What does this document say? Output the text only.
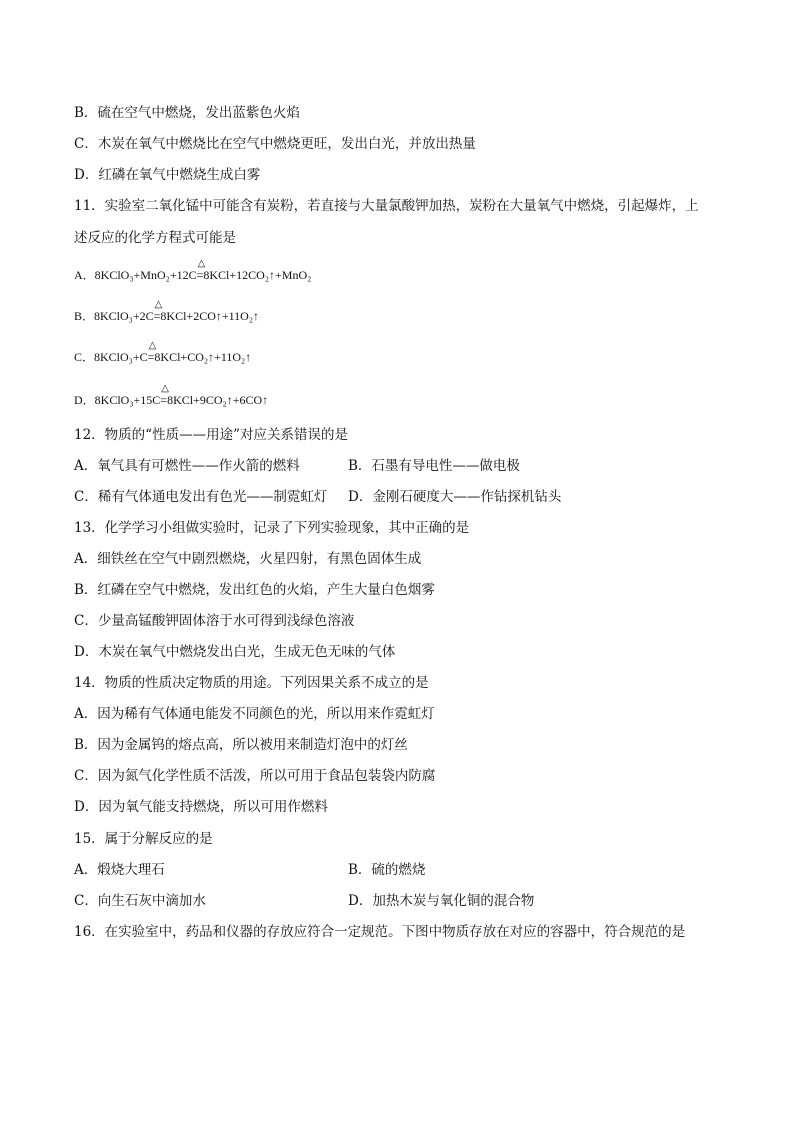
B．硫在空气中燃烧，发出蓝紫色火焰
C．木炭在氧气中燃烧比在空气中燃烧更旺，发出白光，并放出热量
D．红磷在氧气中燃烧生成白雾
11．实验室二氧化锰中可能含有炭粉，若直接与大量氯酸钾加热，炭粉在大量氧气中燃烧，引起爆炸，上
述反应的化学方程式可能是
A．8KClO₃+MnO₂+12C
△
=8KCl+12CO₂↑+MnO₂
B．8KClO₃+2C
△
=8KCl+2CO↑+11O₂↑
C．8KClO₃+C
△
=8KCl+CO₂↑+11O₂↑
D．8KClO₃+15C
△
=8KCl+9CO₂↑+6CO↑
12．物质的“性质——用途”对应关系错误的是
A．氧气具有可燃性——作火箭的燃料	B．石墨有导电性——做电极
C．稀有气体通电发出有色光——制霓虹灯 D．金刚石硬度大——作钻探机钻头
13．化学学习小组做实验时，记录了下列实验现象，其中正确的是
A．细铁丝在空气中剧烈燃烧，火星四射，有黑色固体生成
B．红磷在空气中燃烧，发出红色的火焰，产生大量白色烟雾
C．少量高锰酸钾固体溶于水可得到浅绿色溶液
D．木炭在氧气中燃烧发出白光，生成无色无味的气体
14．物质的性质决定物质的用途。下列因果关系不成立的是
A．因为稀有气体通电能发不同颜色的光，所以用来作霓虹灯
B．因为金属钨的熔点高，所以被用来制造灯泡中的灯丝
C．因为氮气化学性质不活泼，所以可用于食品包装袋内防腐
D．因为氧气能支持燃烧，所以可用作燃料
15．属于分解反应的是
A．煅烧大理石	B．硫的燃烧
C．向生石灰中滴加水	D．加热木炭与氧化铜的混合物
16．在实验室中，药品和仪器的存放应符合一定规范。下图中物质存放在对应的容器中，符合规范的是
